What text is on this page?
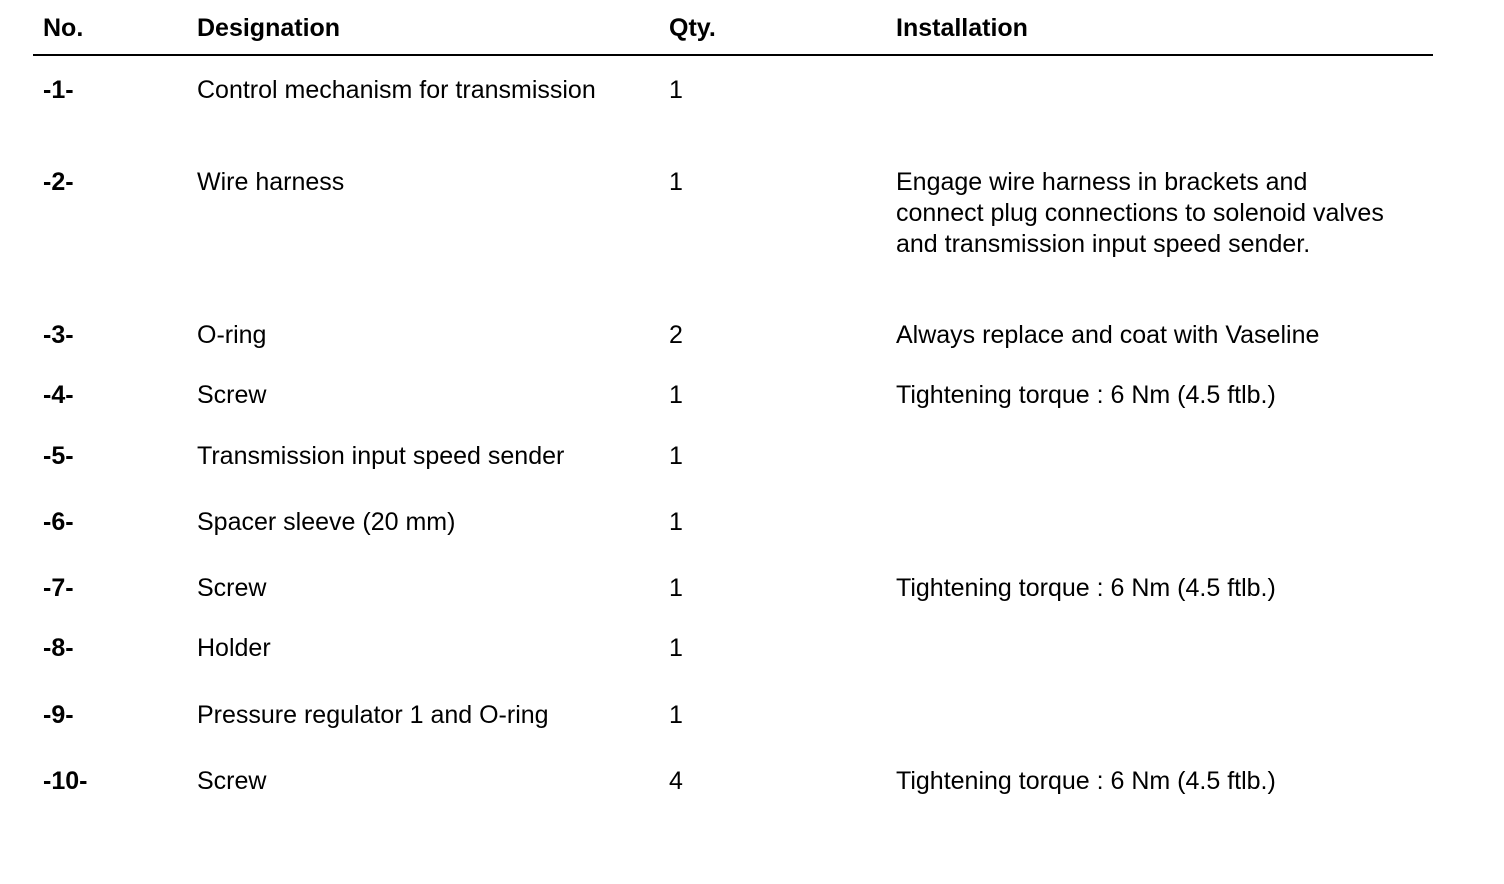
No.	Designation	Qty.	Installation
-1-	Control mechanism for transmission	1
-2-	Wire harness	1	Engage wire harness in brackets and connect plug connections to solenoid valves and transmission input speed sender.
-3-	O-ring	2	Always replace and coat with Vaseline
-4-	Screw	1	Tightening torque : 6 Nm (4.5 ftlb.)
-5-	Transmission input speed sender	1
-6-	Spacer sleeve (20 mm)	1
-7-	Screw	1	Tightening torque : 6 Nm (4.5 ftlb.)
-8-	Holder	1
-9-	Pressure regulator 1 and O-ring	1
-10-	Screw	4	Tightening torque : 6 Nm (4.5 ftlb.)
